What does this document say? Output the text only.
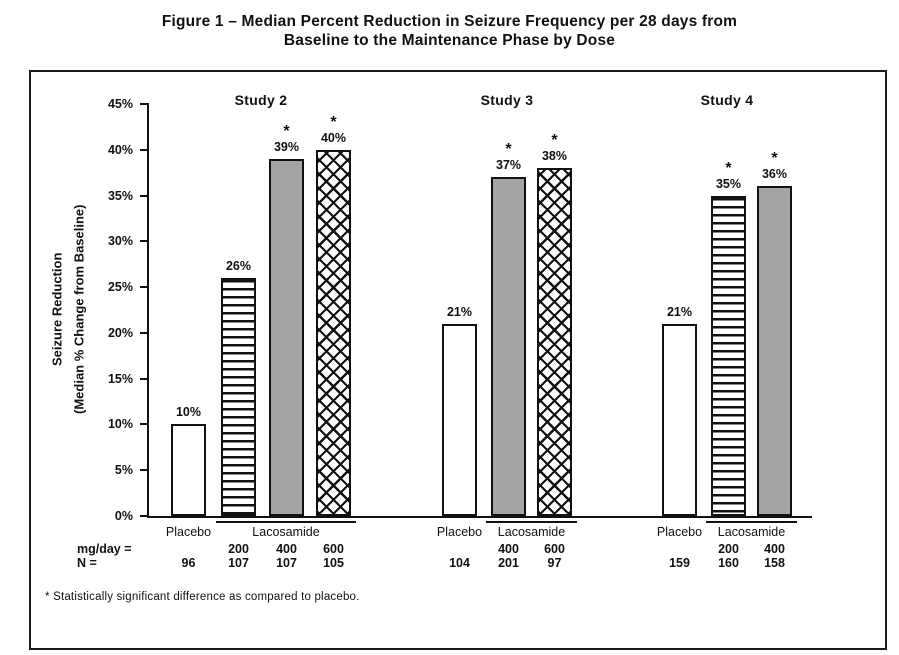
Figure 1 – Median Percent Reduction in Seizure Frequency per 28 days from
Baseline to the Maintenance Phase by Dose
Seizure Reduction (Median % Change from Baseline)
mg/day =
N =
* Statistically significant difference as compared to placebo.
45%
40%
35%
30%
25%
20%
15%
10%
5%
0%
Study 2
10%
96
26%
200
107
39%
*
400
107
40%
*
600
105
Placebo	Lacosamide
Study 3
21%
104
37%
*
400
201
38%
*
600
97
Placebo Lacosamide
Study 4
21%
159
35%
*
200
160
36%
*
400
158
Placebo Lacosamide
